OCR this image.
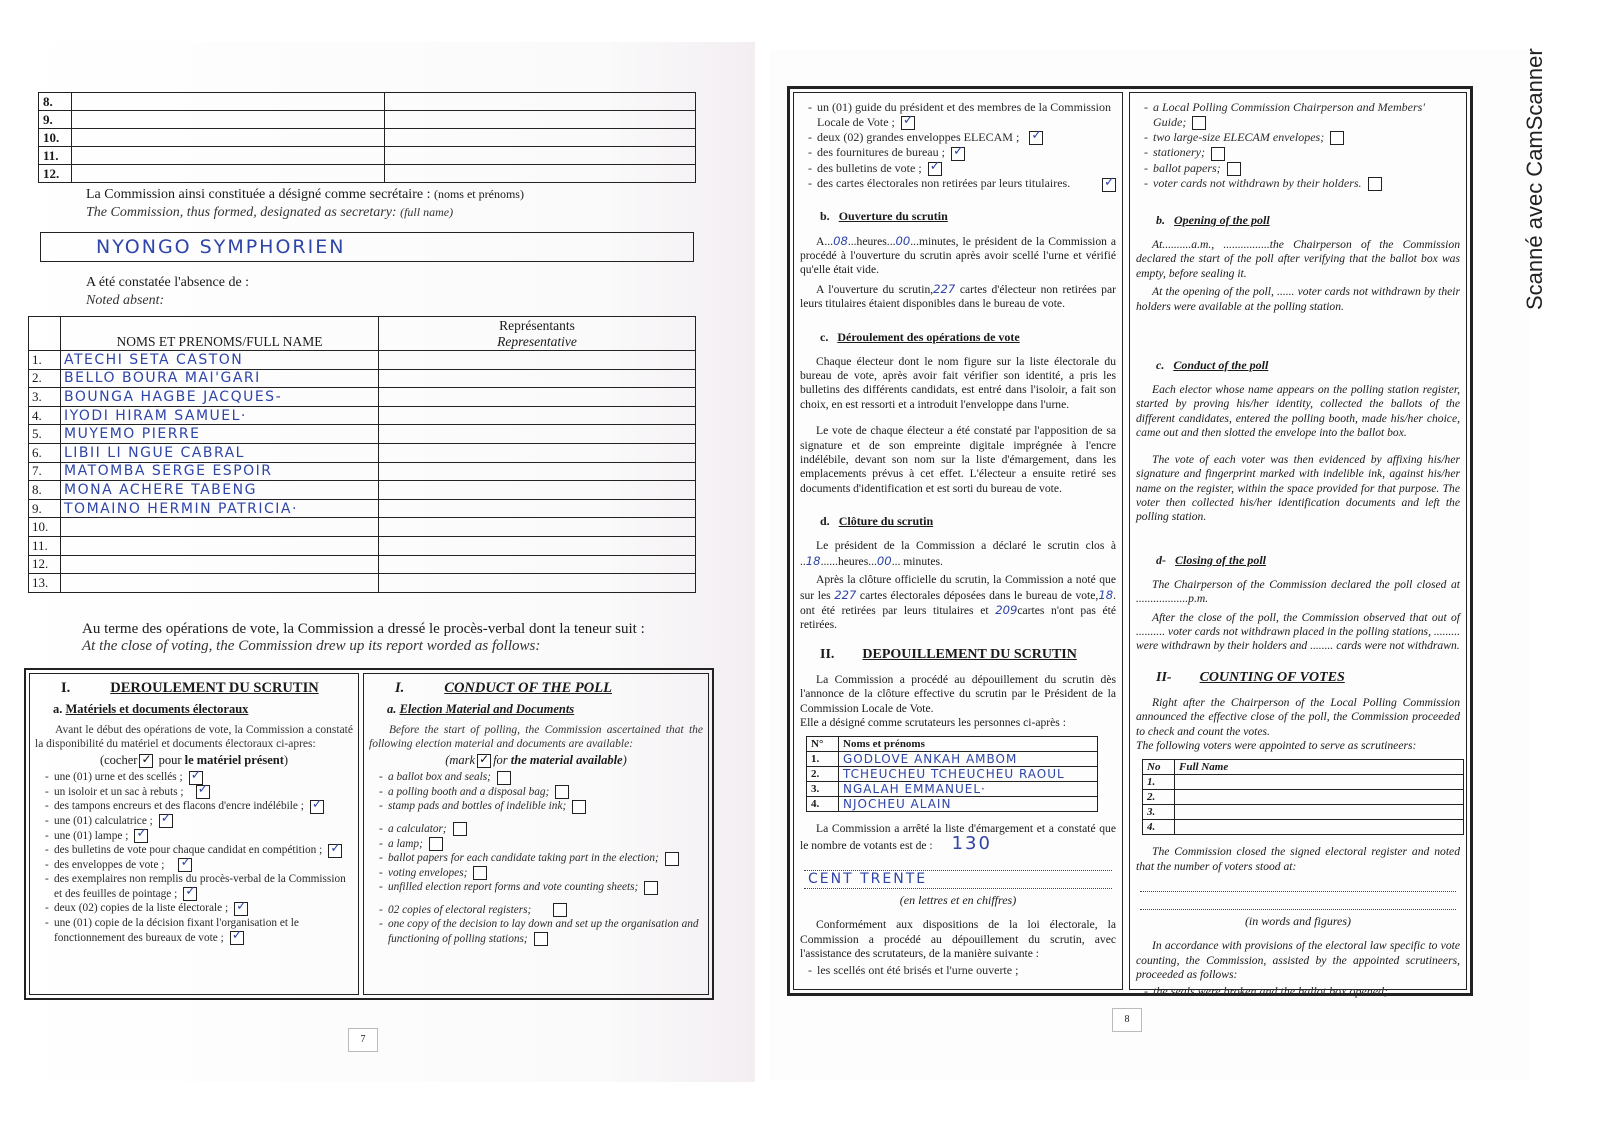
8.		
9.		
10.		
11.		
12.		
La Commission ainsi constituée a désigné comme secrétaire : (noms et prénoms)
The Commission, thus formed, designated as secretary: (full name)
NYONGO SYMPHORIEN
A été constatée l'absence de :
Noted absent:
	NOMS ET PRENOMS/FULL NAME	Représentants
Representative

1.	ATECHI SETA CASTON	
2.	BELLO BOURA MAI'GARI	
3.	BOUNGA HAGBE JACQUES-	
4.	IYODI HIRAM SAMUEL·	
5.	MUYEMO PIERRE	
6.	LIBII LI NGUE CABRAL	
7.	MATOMBA SERGE ESPOIR	
8.	MONA ACHERE TABENG	
9.	TOMAINO HERMIN PATRICIA·	
10.		
11.		
12.		
13.		
Au terme des opérations de vote, la Commission a dressé le procès-verbal dont la teneur suit :
At the close of voting, the Commission drew up its report worded as follows:
I.	DEROULEMENT DU SCRUTIN
a. Matériels et documents électoraux
Avant le début des opérations de vote, la Commission a constaté la disponibilité du matériel et documents électoraux ci-apres:
(cocher ✓ pour le matériel présent)
- une (01) urne et des scellés ;✓
- un isoloir et un sac à rebuts ;✓
- des tampons encreurs et des flacons d'encre indélébile ;✓
- une (01) calculatrice ;✓
- une (01) lampe ;✓
- des bulletins de vote pour chaque candidat en compétition ;✓
- des enveloppes de vote ;✓
- des exemplaires non remplis du procès-verbal de la Commission et des feuilles de pointage ;✓
- deux (02) copies de la liste électorale ;✓
- une (01) copie de la décision fixant l'organisation et le fonctionnement des bureaux de vote ;✓
I.	CONDUCT OF THE POLL
a. Election Material and Documents
Before the start of polling, the Commission ascertained that the following election material and documents are available:
(mark ✓ for the material available)
- a ballot box and seals;
- a polling booth and a disposal bag;
- stamp pads and bottles of indelible ink;
- a calculator;
- a lamp;
- ballot papers for each candidate taking part in the election;
- voting envelopes;
- unfilled election report forms and vote counting sheets;
- 02 copies of electoral registers;
- one copy of the decision to lay down and set up the organisation and functioning of polling stations;
7
- un (01) guide du président et des membres de la Commission Locale de Vote ;✓
- deux (02) grandes enveloppes ELECAM ;✓
- des fournitures de bureau ;✓
- des bulletins de vote ;✓
- des cartes électorales non retirées par leurs titulaires.
✓
b. Ouverture du scrutin
A...08...heures...00...minutes, le président de la Commission a procédé à l'ouverture du scrutin après avoir scellé l'urne et vérifié qu'elle était vide.
A l'ouverture du scrutin,227 cartes d'électeur non retirées par leurs titulaires étaient disponibles dans le bureau de vote.
c. Déroulement des opérations de vote
Chaque électeur dont le nom figure sur la liste électorale du bureau de vote, après avoir fait vérifier son identité, a pris les bulletins des différents candidats, est entré dans l'isoloir, a fait son choix, en est ressorti et a introduit l'enveloppe dans l'urne.
Le vote de chaque électeur a été constaté par l'apposition de sa signature et de son empreinte digitale imprégnée à l'encre indélébile, devant son nom sur la liste d'émargement, dans les emplacements prévus à cet effet. L'électeur a ensuite retiré ses documents d'identification et est sorti du bureau de vote.
d. Clôture du scrutin
Le président de la Commission a déclaré le scrutin clos à ..18......heures...00... minutes.
Après la clôture officielle du scrutin, la Commission a noté que sur les 227 cartes électorales déposées dans le bureau de vote,18. ont été retirées par leurs titulaires et 209cartes n'ont pas été retirées.
II. DEPOUILLEMENT DU SCRUTIN
La Commission a procédé au dépouillement du scrutin dès l'annonce de la clôture effective du scrutin par le Président de la Commission Locale de Vote.
Elle a désigné comme scrutateurs les personnes ci-après :
N°	Noms et prénoms
1.	GODLOVE ANKAH AMBOM
2.	TCHEUCHEU TCHEUCHEU RAOUL
3.	NGALAH EMMANUEL·
4.	NJOCHEU ALAIN
La Commission a arrêté la liste d'émargement et a constaté que le nombre de votants est de : 130
CENT TRENTE
(en lettres et en chiffres)
Conformément aux dispositions de la loi électorale, la Commission a procédé au dépouillement du scrutin, avec l'assistance des scrutateurs, de la manière suivante :
- les scellés ont été brisés et l'urne ouverte ;
- a Local Polling Commission Chairperson and Members' Guide;
- two large-size ELECAM envelopes;
- stationery;
- ballot papers;
- voter cards not withdrawn by their holders.
b. Opening of the poll
At..........a.m., ................the Chairperson of the Commission declared the start of the poll after verifying that the ballot box was empty, before sealing it.
At the opening of the poll, ...... voter cards not withdrawn by their holders were available at the polling station.
c. Conduct of the poll
Each elector whose name appears on the polling station register, started by proving his/her identity, collected the ballots of the different candidates, entered the polling booth, made his/her choice, came out and then slotted the envelope into the ballot box.
The vote of each voter was then evidenced by affixing his/her signature and fingerprint marked with indelible ink, against his/her name on the register, within the space provided for that purpose. The voter then collected his/her identification documents and left the polling station.
d- Closing of the poll
The Chairperson of the Commission declared the poll closed at ..................p.m.
After the close of the poll, the Commission observed that out of .......... voter cards not withdrawn placed in the polling stations, ......... were withdrawn by their holders and ........ cards were not withdrawn.
II- COUNTING OF VOTES
Right after the Chairperson of the Local Polling Commission announced the effective close of the poll, the Commission proceeded to check and count the votes.
The following voters were appointed to serve as scrutineers:
No	Full Name
1.	
2.	
3.	
4.	
The Commission closed the signed electoral register and noted that the number of voters stood at:
(in words and figures)
In accordance with provisions of the electoral law specific to vote counting, the Commission, assisted by the appointed scrutineers, proceeded as follows:
- the seals were broken and the ballot box opened;
8
Scanné avec CamScanner
